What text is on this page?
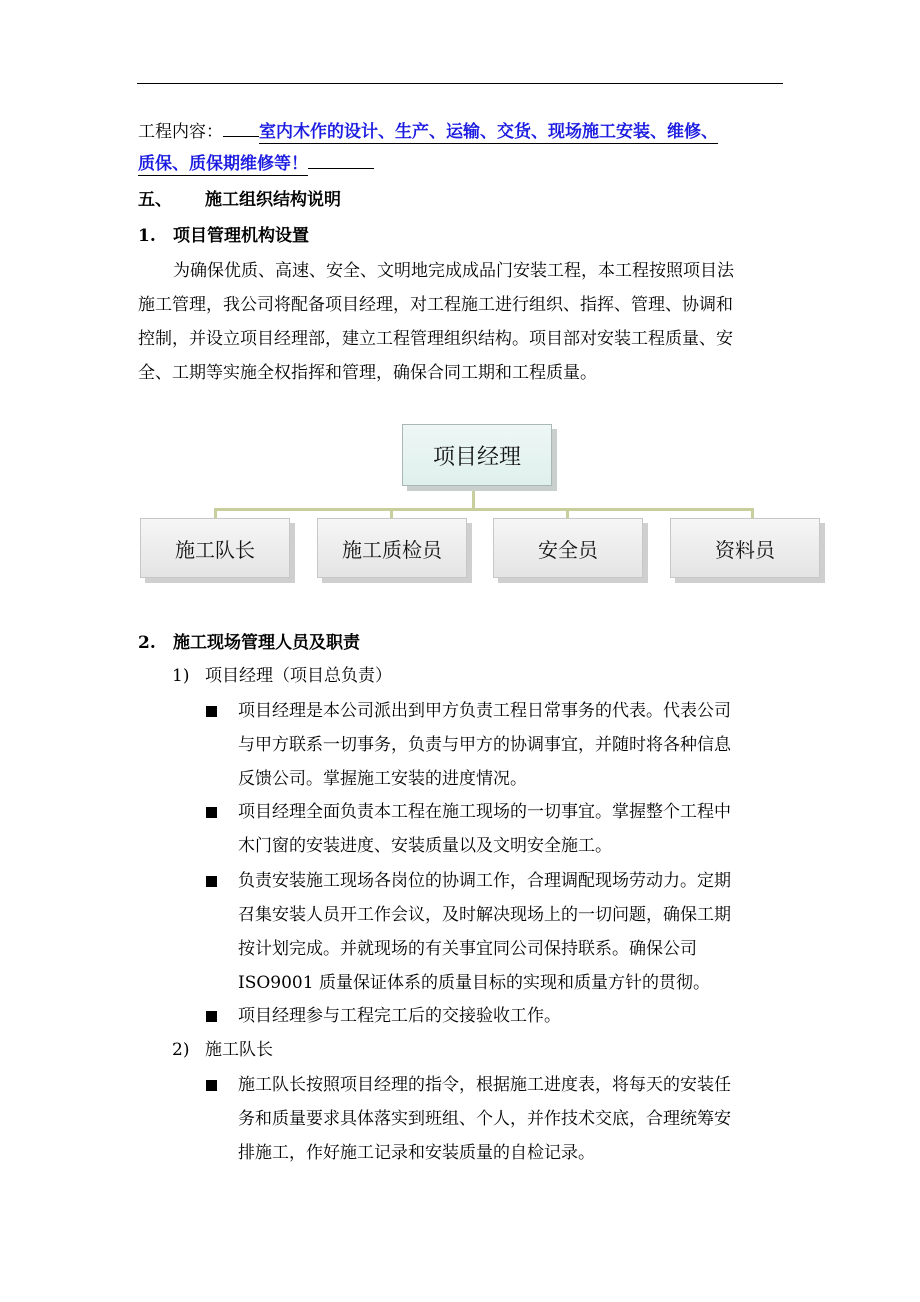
工程内容： 室内木作的设计、生产、运输、交货、现场施工安装、维修、
质保、质保期维修等！
五、 施工组织结构说明
1. 项目管理机构设置
为确保优质、高速、安全、文明地完成成品门安装工程，本工程按照项目法
施工管理，我公司将配备项目经理，对工程施工进行组织、指挥、管理、协调和
控制，并设立项目经理部，建立工程管理组织结构。项目部对安装工程质量、安
全、工期等实施全权指挥和管理，确保合同工期和工程质量。
项目经理
施工队长	施工质检员	安全员	资料员
2. 施工现场管理人员及职责
1) 项目经理（项目总负责）
项目经理是本公司派出到甲方负责工程日常事务的代表。代表公司
与甲方联系一切事务，负责与甲方的协调事宜，并随时将各种信息
反馈公司。掌握施工安装的进度情况。
项目经理全面负责本工程在施工现场的一切事宜。掌握整个工程中
木门窗的安装进度、安装质量以及文明安全施工。
负责安装施工现场各岗位的协调工作，合理调配现场劳动力。定期
召集安装人员开工作会议，及时解决现场上的一切问题，确保工期
按计划完成。并就现场的有关事宜同公司保持联系。确保公司
ISO9001 质量保证体系的质量目标的实现和质量方针的贯彻。
项目经理参与工程完工后的交接验收工作。
2) 施工队长
施工队长按照项目经理的指令，根据施工进度表，将每天的安装任
务和质量要求具体落实到班组、个人，并作技术交底，合理统筹安
排施工，作好施工记录和安装质量的自检记录。
